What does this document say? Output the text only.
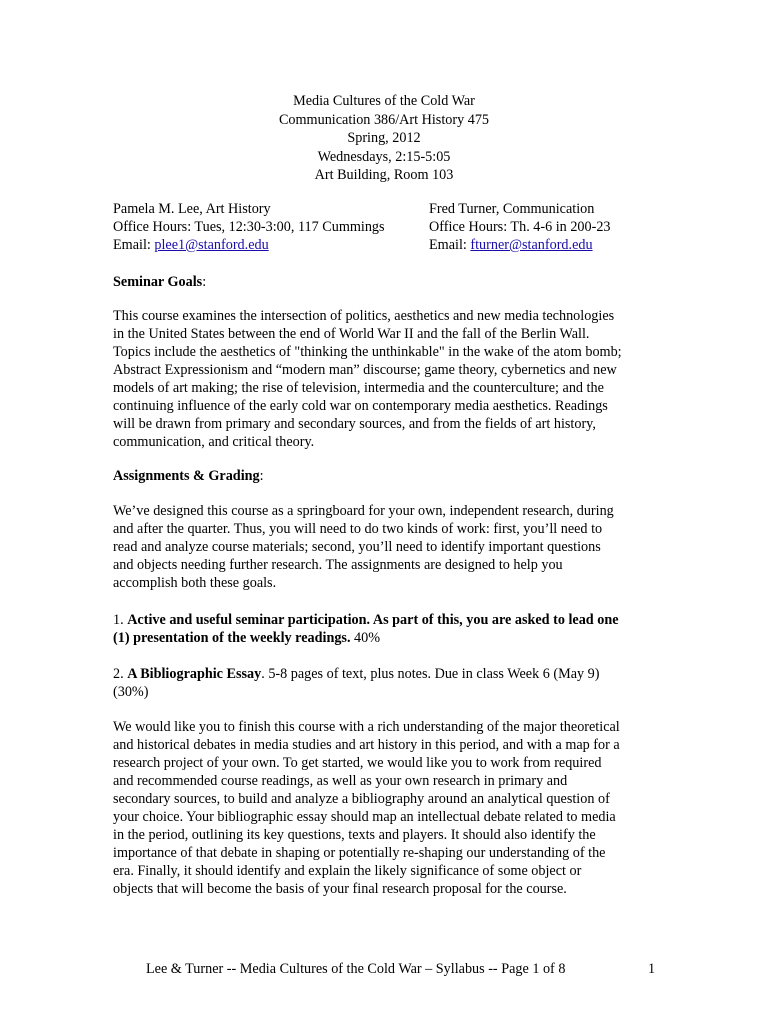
Media Cultures of the Cold War
Communication 386/Art History 475
Spring, 2012
Wednesdays, 2:15-5:05
Art Building, Room 103
Pamela M. Lee, Art History
Office Hours: Tues, 12:30-3:00, 117 Cummings
Email: plee1@stanford.edu
Fred Turner, Communication
Office Hours: Th. 4-6 in 200-23
Email: fturner@stanford.edu
Seminar Goals:
This course examines the intersection of politics, aesthetics and new media technologies
in the United States between the end of World War II and the fall of the Berlin Wall.
Topics include the aesthetics of "thinking the unthinkable" in the wake of the atom bomb;
Abstract Expressionism and “modern man” discourse; game theory, cybernetics and new
models of art making; the rise of television, intermedia and the counterculture; and the
continuing influence of the early cold war on contemporary media aesthetics. Readings
will be drawn from primary and secondary sources, and from the fields of art history,
communication, and critical theory.
Assignments & Grading:
We’ve designed this course as a springboard for your own, independent research, during
and after the quarter. Thus, you will need to do two kinds of work: first, you’ll need to
read and analyze course materials; second, you’ll need to identify important questions
and objects needing further research. The assignments are designed to help you
accomplish both these goals.
1. Active and useful seminar participation. As part of this, you are asked to lead one
(1) presentation of the weekly readings. 40%
2. A Bibliographic Essay. 5-8 pages of text, plus notes. Due in class Week 6 (May 9)
(30%)
We would like you to finish this course with a rich understanding of the major theoretical
and historical debates in media studies and art history in this period, and with a map for a
research project of your own. To get started, we would like you to work from required
and recommended course readings, as well as your own research in primary and
secondary sources, to build and analyze a bibliography around an analytical question of
your choice. Your bibliographic essay should map an intellectual debate related to media
in the period, outlining its key questions, texts and players. It should also identify the
importance of that debate in shaping or potentially re-shaping our understanding of the
era. Finally, it should identify and explain the likely significance of some object or
objects that will become the basis of your final research proposal for the course.
Lee & Turner -- Media Cultures of the Cold War – Syllabus -- Page 1 of 8	1
